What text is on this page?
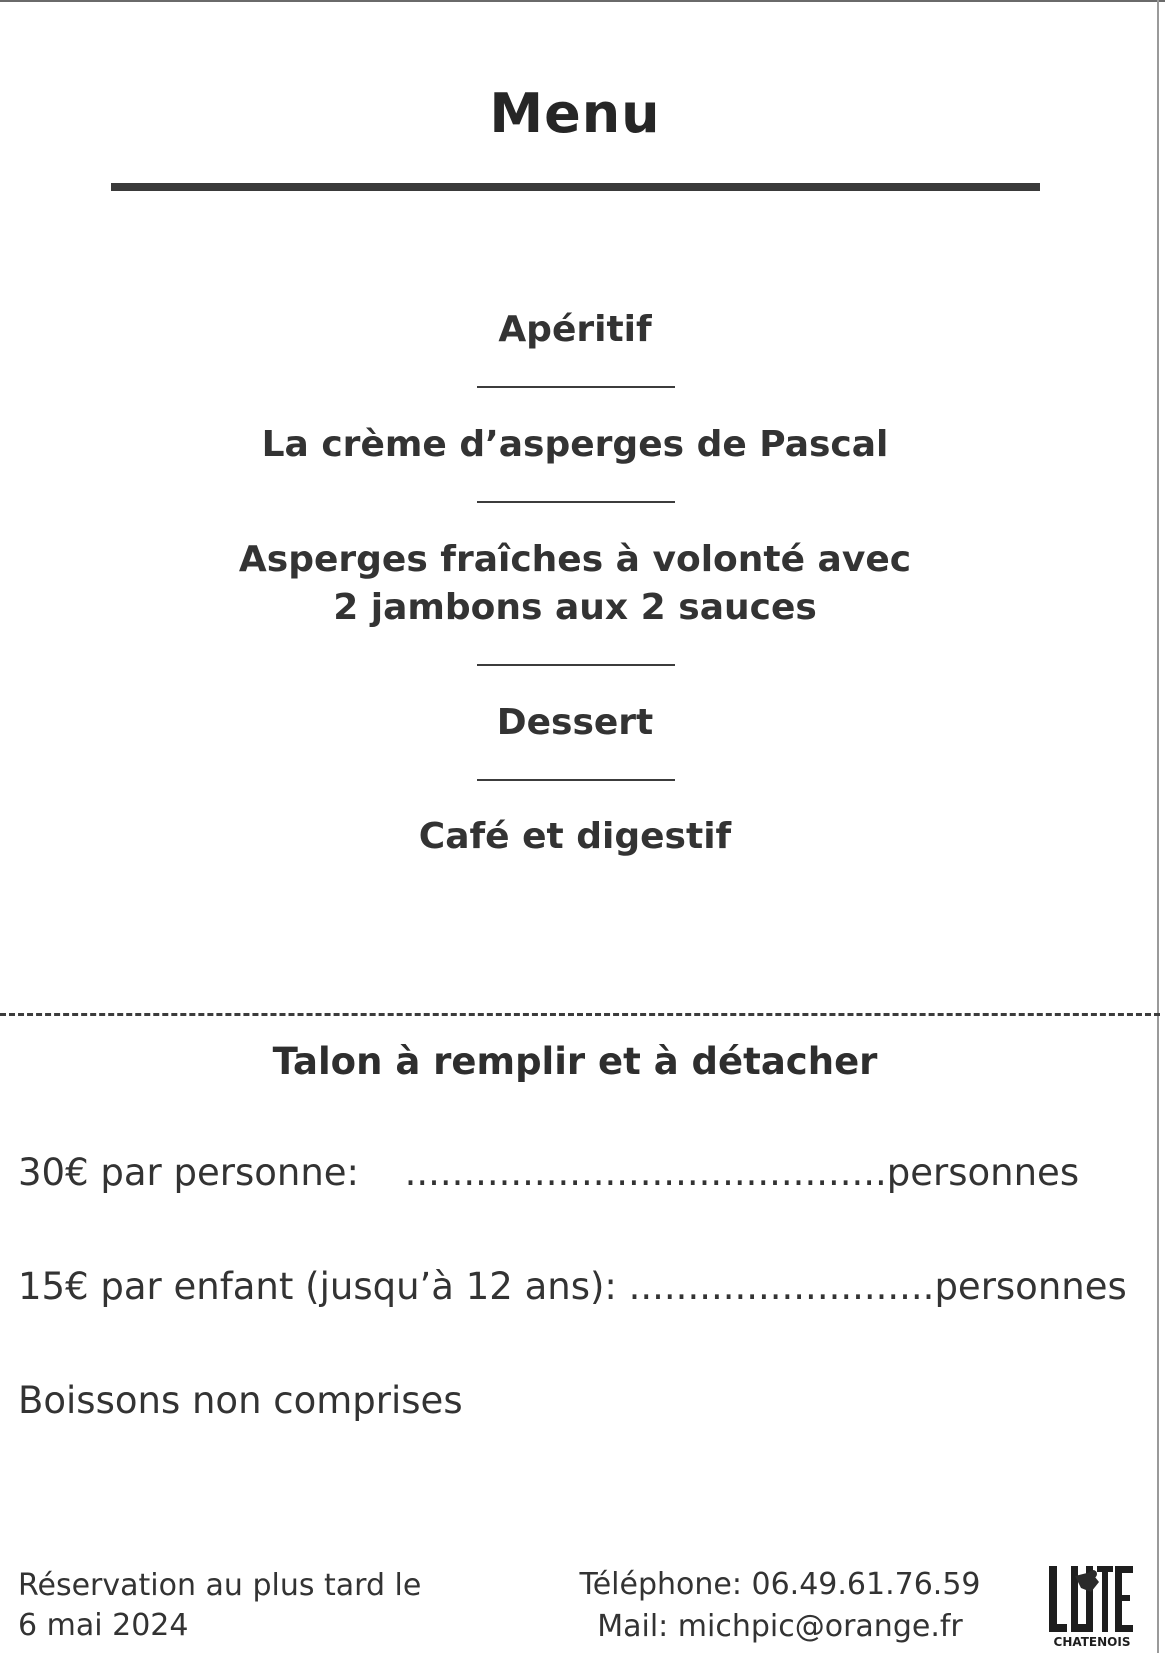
Menu
Apéritif
La crème d’asperges de Pascal
Asperges fraîches à volonté avec
2 jambons aux 2 sauces
Dessert
Café et digestif
Talon à remplir et à détacher
30€ par personne: .........................................personnes
15€ par enfant (jusqu’à 12 ans): ..........................personnes
Boissons non comprises
Réservation au plus tard le
6 mai 2024
Téléphone: 06.49.61.76.59
Mail: michpic@orange.fr	CHATENOIS
